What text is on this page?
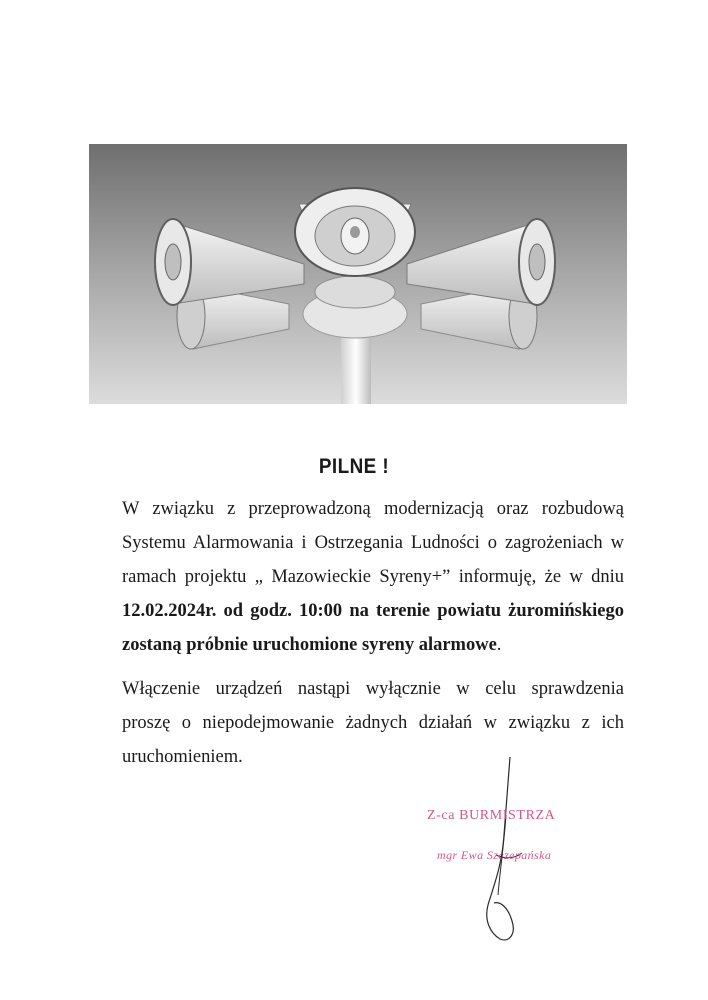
PILNE !

W związku z przeprowadzoną modernizacją oraz rozbudową
Systemu Alarmowania i Ostrzegania Ludności o zagrożeniach w
ramach projektu „ Mazowieckie Syreny+” informuję, że w dniu
12.02.2024r. od godz. 10:00 na terenie powiatu żuromińskiego
zostaną próbnie uruchomione syreny alarmowe.

Włączenie urządzeń nastąpi wyłącznie w celu sprawdzenia
proszę o niepodejmowanie żadnych działań w związku z ich
uruchomieniem.

Z-ca BURMISTRZA
mgr Ewa Szczepańska
